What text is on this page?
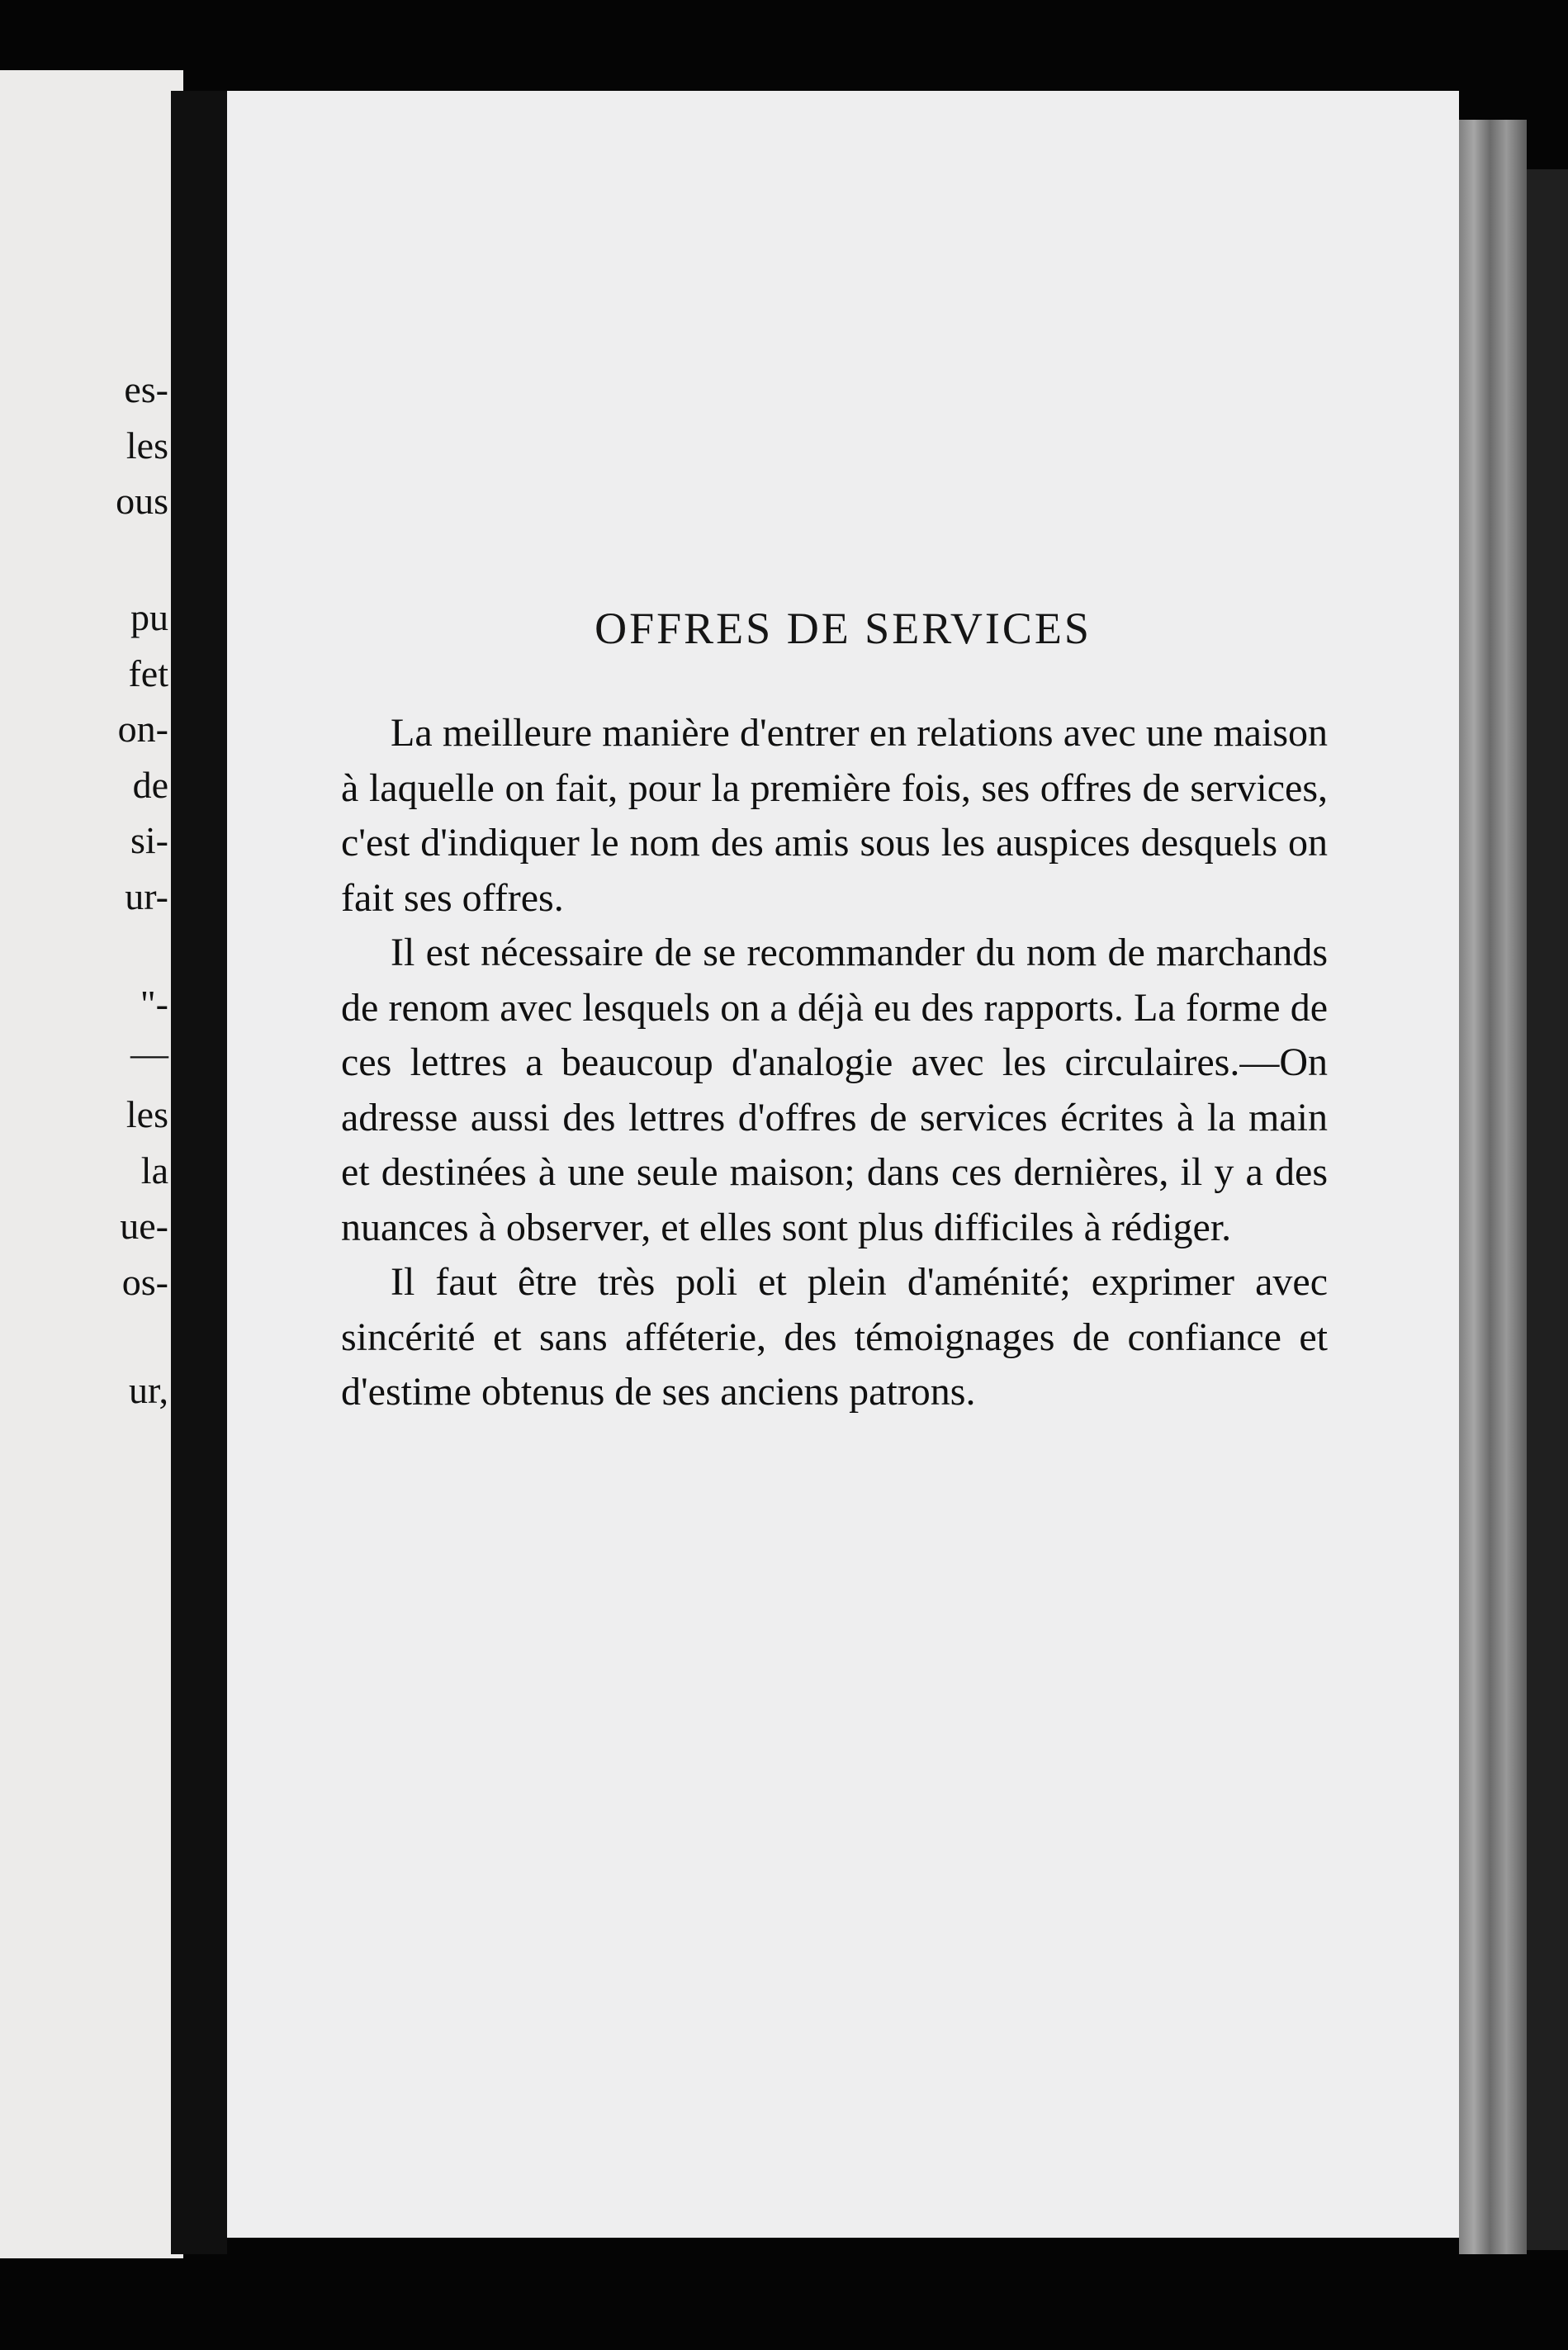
es-
les
ous
pu
fet
on-
de
si-
ur-
"-
—
les
la
ue-
os-
ur,
OFFRES DE SERVICES

La meilleure manière d'entrer en relations avec une maison à laquelle on fait, pour la première fois, ses offres de services, c'est d'indiquer le nom des amis sous les auspices desquels on fait ses offres.

Il est nécessaire de se recommander du nom de marchands de renom avec lesquels on a déjà eu des rapports. La forme de ces lettres a beaucoup d'analogie avec les circulaires.—On adresse aussi des lettres d'offres de services écrites à la main et destinées à une seule maison; dans ces dernières, il y a des nuances à observer, et elles sont plus difficiles à rédiger.

Il faut être très poli et plein d'aménité; exprimer avec sincérité et sans afféterie, des témoignages de confiance et d'estime obtenus de ses anciens patrons.
